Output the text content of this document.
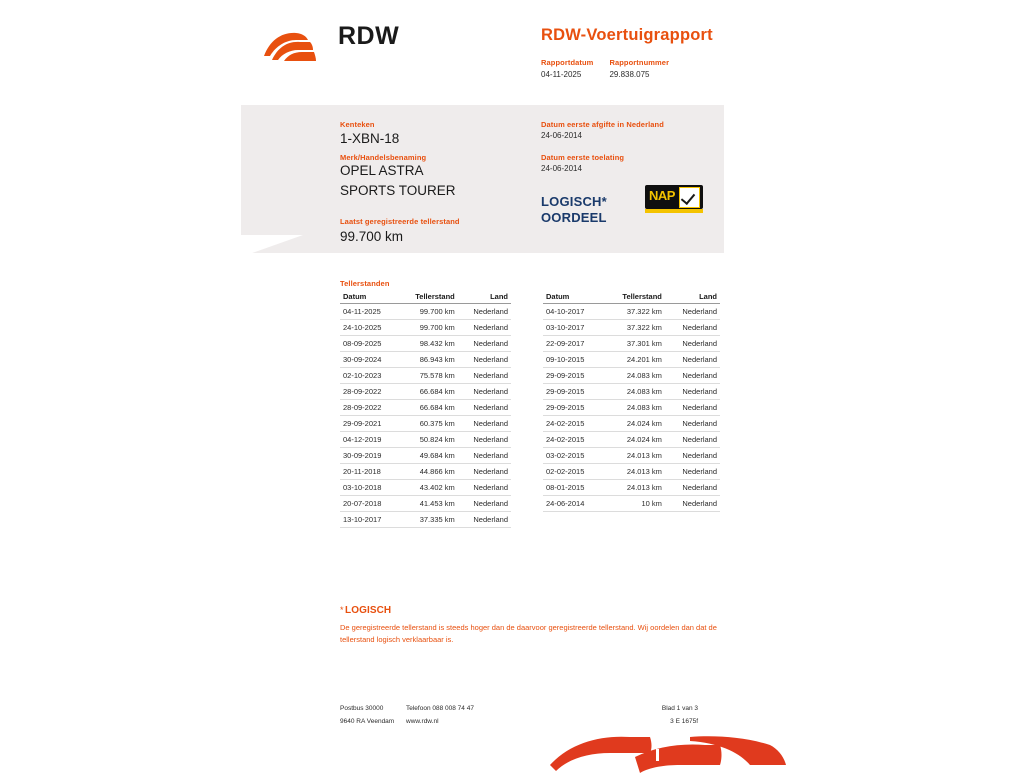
RDW	RDW-Voertuigrapport
Rapportdatum
04-11-2025

Rapportnummer
29.838.075
Kenteken
1-XBN-18
Merk/Handelsbenaming
OPEL ASTRA
SPORTS TOURER
Laatst geregistreerde tellerstand
99.700 km
Datum eerste afgifte in Nederland
24-06-2014
Datum eerste toelating
24-06-2014
LOGISCH*
OORDEEL
NAP
Tellerstanden
Datum	Tellerstand	Land
04-11-2025	99.700 km	Nederland
24-10-2025	99.700 km	Nederland
08-09-2025	98.432 km	Nederland
30-09-2024	86.943 km	Nederland
02-10-2023	75.578 km	Nederland
28-09-2022	66.684 km	Nederland
28-09-2022	66.684 km	Nederland
29-09-2021	60.375 km	Nederland
04-12-2019	50.824 km	Nederland
30-09-2019	49.684 km	Nederland
20-11-2018	44.866 km	Nederland
03-10-2018	43.402 km	Nederland
20-07-2018	41.453 km	Nederland
13-10-2017	37.335 km	Nederland
Datum	Tellerstand	Land
04-10-2017	37.322 km	Nederland
03-10-2017	37.322 km	Nederland
22-09-2017	37.301 km	Nederland
09-10-2015	24.201 km	Nederland
29-09-2015	24.083 km	Nederland
29-09-2015	24.083 km	Nederland
29-09-2015	24.083 km	Nederland
24-02-2015	24.024 km	Nederland
24-02-2015	24.024 km	Nederland
03-02-2015	24.013 km	Nederland
02-02-2015	24.013 km	Nederland
08-01-2015	24.013 km	Nederland
24-06-2014	10 km	Nederland
* LOGISCH
De geregistreerde tellerstand is steeds hoger dan de daarvoor geregistreerde tellerstand. Wij oordelen dan dat de tellerstand logisch verklaarbaar is.
Postbus 30000
9640 RA Veendam
Telefoon 088 008 74 47
www.rdw.nl
Blad 1 van 3
3 E 1675f
